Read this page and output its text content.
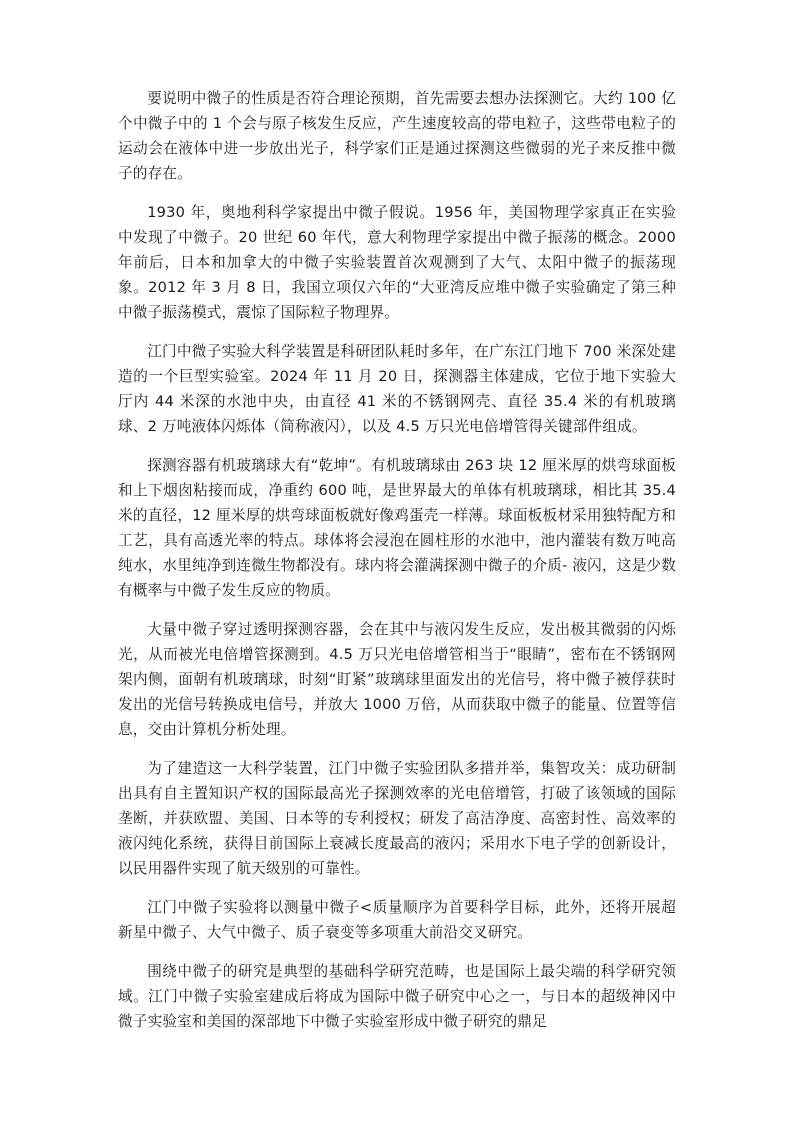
要说明中微子的性质是否符合理论预期，首先需要去想办法探测它。大约 100 亿个中微子中的 1 个会与原子核发生反应，产生速度较高的带电粒子，这些带电粒子的运动会在液体中进一步放出光子，科学家们正是通过探测这些微弱的光子来反推中微子的存在。

1930 年，奥地利科学家提出中微子假说。1956 年，美国物理学家真正在实验中发现了中微子。20 世纪 60 年代，意大利物理学家提出中微子振荡的概念。2000 年前后，日本和加拿大的中微子实验装置首次观测到了大气、太阳中微子的振荡现象。2012 年 3 月 8 日，我国立项仅六年的“大亚湾反应堆中微子实验确定了第三种中微子振荡模式，震惊了国际粒子物理界。

江门中微子实验大科学装置是科研团队耗时多年，在广东江门地下 700 米深处建造的一个巨型实验室。2024 年 11 月 20 日，探测器主体建成，它位于地下实验大厅内 44 米深的水池中央，由直径 41 米的不锈钢网壳、直径 35.4 米的有机玻璃球、2 万吨液体闪烁体（简称液闪），以及 4.5 万只光电倍增管得关键部件组成。

探测容器有机玻璃球大有“乾坤”。有机玻璃球由 263 块 12 厘米厚的烘弯球面板和上下烟囱粘接而成，净重约 600 吨，是世界最大的单体有机玻璃球，相比其 35.4 米的直径，12 厘米厚的烘弯球面板就好像鸡蛋壳一样薄。球面板板材采用独特配方和工艺，具有高透光率的特点。球体将会浸泡在圆柱形的水池中，池内灌装有数万吨高纯水，水里纯净到连微生物都没有。球内将会灌满探测中微子的介质- 液闪，这是少数有概率与中微子发生反应的物质。

大量中微子穿过透明探测容器，会在其中与液闪发生反应，发出极其微弱的闪烁光，从而被光电倍增管探测到。4.5 万只光电倍增管相当于“眼睛”，密布在不锈钢网架内侧，面朝有机玻璃球，时刻“盯紧”玻璃球里面发出的光信号，将中微子被俘获时发出的光信号转换成电信号，并放大 1000 万倍，从而获取中微子的能量、位置等信息，交由计算机分析处理。

为了建造这一大科学装置，江门中微子实验团队多措并举，集智攻关：成功研制出具有自主置知识产权的国际最高光子探测效率的光电倍增管，打破了该领域的国际垄断，并获欧盟、美国、日本等的专利授权；研发了高洁净度、高密封性、高效率的液闪纯化系统，获得目前国际上衰减长度最高的液闪；采用水下电子学的创新设计，以民用器件实现了航天级别的可靠性。

江门中微子实验将以测量中微子<质量顺序为首要科学目标，此外，还将开展超新星中微子、大气中微子、质子衰变等多项重大前沿交叉研究。

围绕中微子的研究是典型的基础科学研究范畴，也是国际上最尖端的科学研究领域。江门中微子实验室建成后将成为国际中微子研究中心之一，与日本的超级神冈中微子实验室和美国的深部地下中微子实验室形成中微子研究的鼎足
